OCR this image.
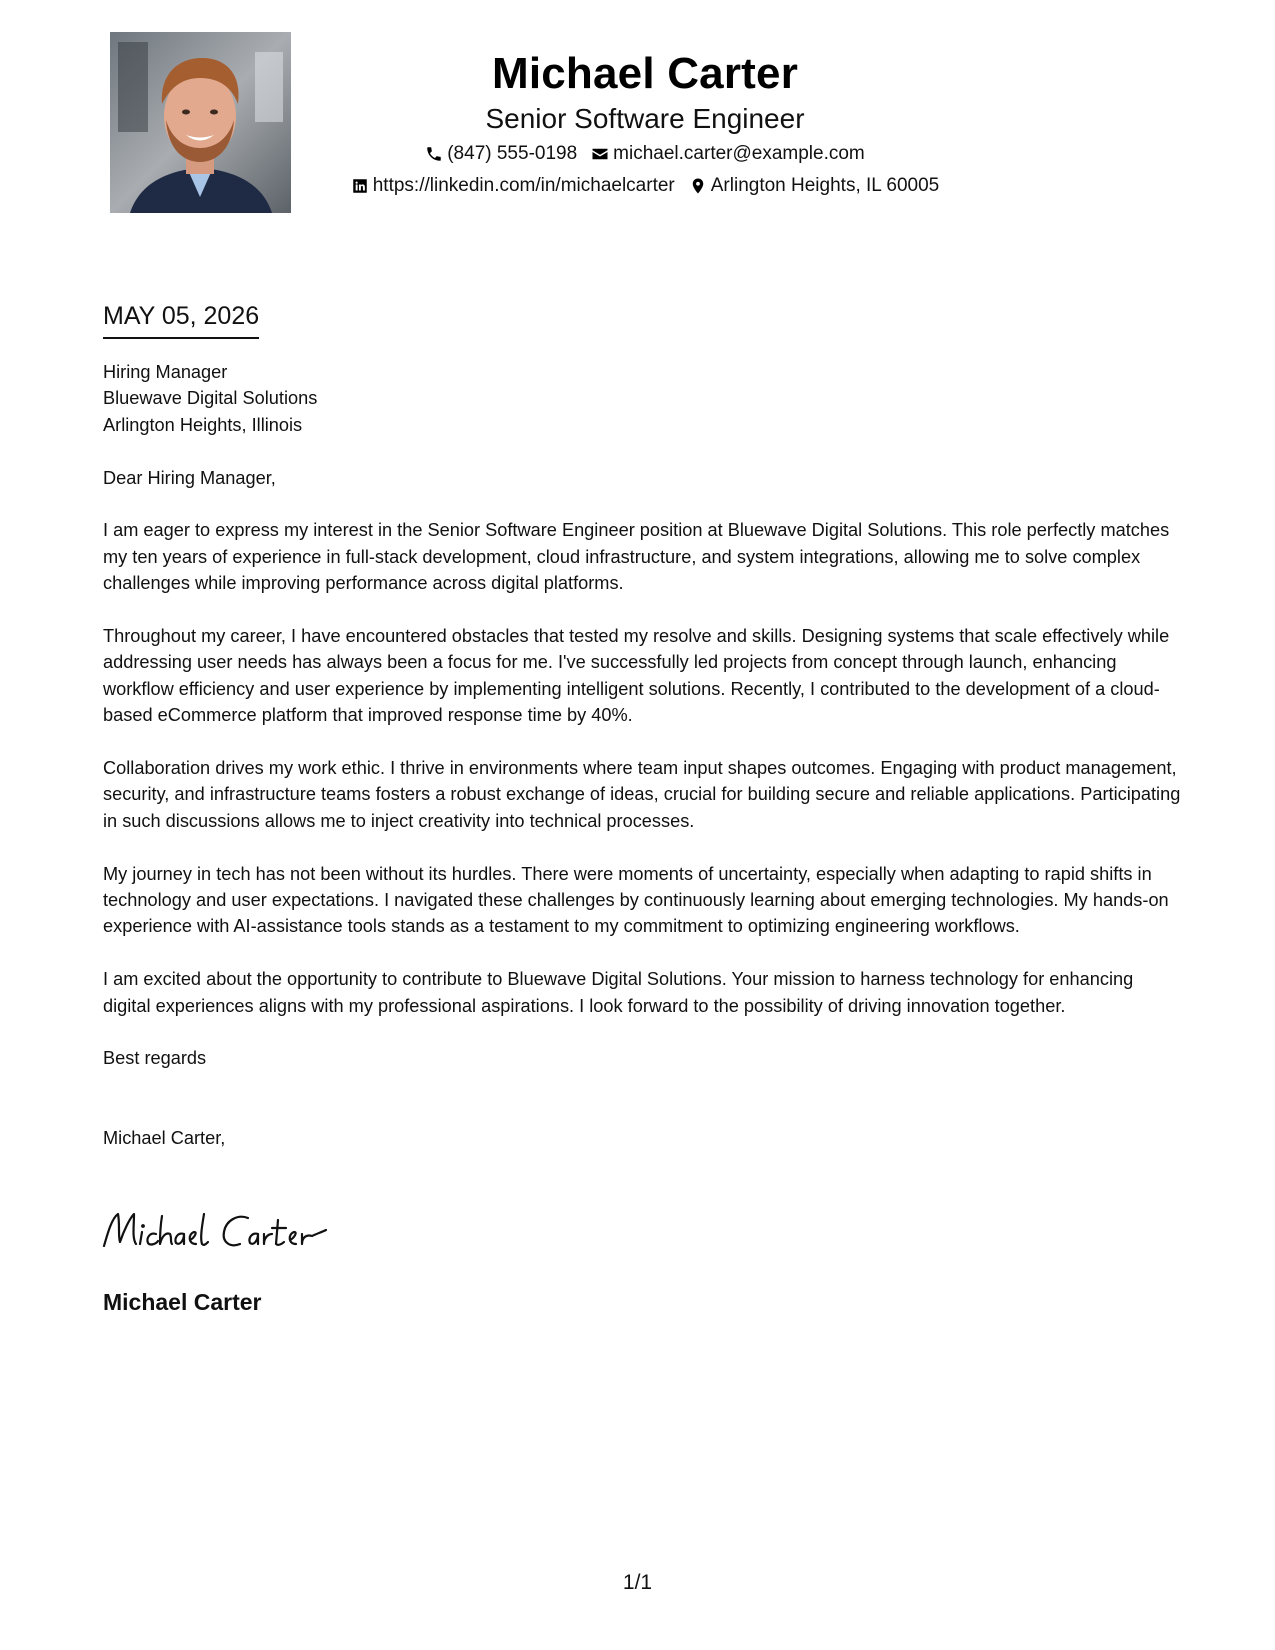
Michael Carter

Senior Software Engineer

(847) 555-0198 michael.carter@example.com
https://linkedin.com/in/michaelcarter Arlington Heights, IL 60005
MAY 05, 2026

Hiring Manager

Bluewave Digital Solutions

Arlington Heights, Illinois

Dear Hiring Manager,

I am eager to express my interest in the Senior Software Engineer position at Bluewave Digital Solutions. This role perfectly matches my ten years of experience in full-stack development, cloud infrastructure, and system integrations, allowing me to solve complex challenges while improving performance across digital platforms.

Throughout my career, I have encountered obstacles that tested my resolve and skills. Designing systems that scale effectively while addressing user needs has always been a focus for me. I've successfully led projects from concept through launch, enhancing workflow efficiency and user experience by implementing intelligent solutions. Recently, I contributed to the development of a cloud-based eCommerce platform that improved response time by 40%.

Collaboration drives my work ethic. I thrive in environments where team input shapes outcomes. Engaging with product management, security, and infrastructure teams fosters a robust exchange of ideas, crucial for building secure and reliable applications. Participating in such discussions allows me to inject creativity into technical processes.

My journey in tech has not been without its hurdles. There were moments of uncertainty, especially when adapting to rapid shifts in technology and user expectations. I navigated these challenges by continuously learning about emerging technologies. My hands-on experience with AI-assistance tools stands as a testament to my commitment to optimizing engineering workflows.

I am excited about the opportunity to contribute to Bluewave Digital Solutions. Your mission to harness technology for enhancing digital experiences aligns with my professional aspirations. I look forward to the possibility of driving innovation together.

Best regards

Michael Carter,

Michael Carter
1/1
